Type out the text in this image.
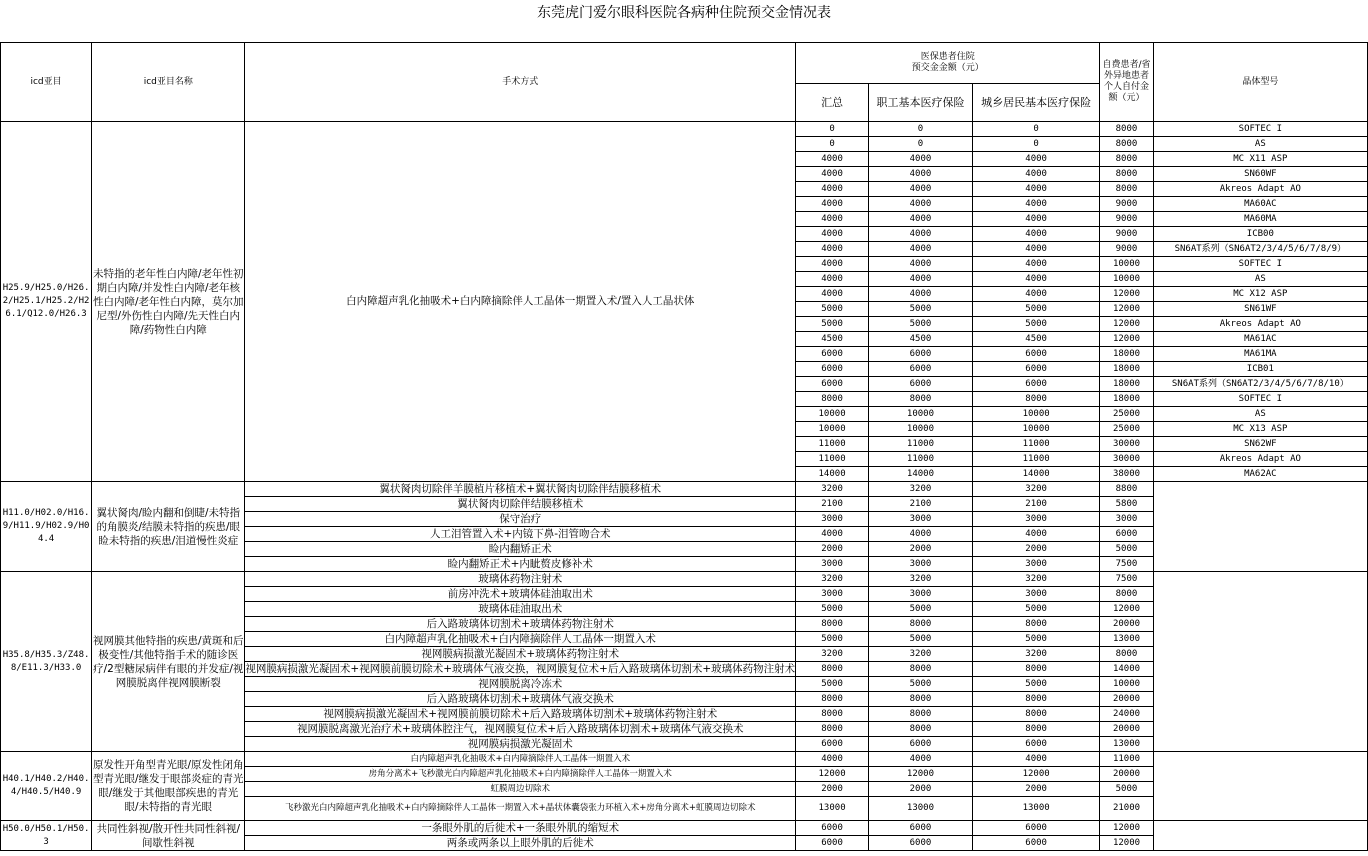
东莞虎门爱尔眼科医院各病种住院预交金情况表
icd亚目	icd亚目名称	手术方式	医保患者住院
预交金金额（元）			自费患者/省外异地患者个人自付金额（元）	晶体型号
			汇总	职工基本医疗保险	城乡居民基本医疗保险		
H25.9/H25.0/H26.2/H25.1/H25.2/H26.1/Q12.0/H26.3	未特指的老年性白内障/老年性初期白内障/并发性白内障/老年核性白内障/老年性白内障，莫尔加尼型/外伤性白内障/先天性白内障/药物性白内障	白内障超声乳化抽吸术+白内障摘除伴人工晶体一期置入术/置入人工晶状体	0	0	0	8000	SOFTEC I
			0	0	0	8000	AS
			4000	4000	4000	8000	MC X11 ASP
			4000	4000	4000	8000	SN60WF
			4000	4000	4000	8000	Akreos Adapt AO
			4000	4000	4000	9000	MA60AC
			4000	4000	4000	9000	MA60MA
			4000	4000	4000	9000	ICB00
			4000	4000	4000	9000	SN6AT系列（SN6AT2/3/4/5/6/7/8/9）
			4000	4000	4000	10000	SOFTEC I
			4000	4000	4000	10000	AS
			4000	4000	4000	12000	MC X12 ASP
			5000	5000	5000	12000	SN61WF
			5000	5000	5000	12000	Akreos Adapt AO
			4500	4500	4500	12000	MA61AC
			6000	6000	6000	18000	MA61MA
			6000	6000	6000	18000	ICB01
			6000	6000	6000	18000	SN6AT系列（SN6AT2/3/4/5/6/7/8/10）
			8000	8000	8000	18000	SOFTEC I
			10000	10000	10000	25000	AS
			10000	10000	10000	25000	MC X13 ASP
			11000	11000	11000	30000	SN62WF
			11000	11000	11000	30000	Akreos Adapt AO
			14000	14000	14000	38000	MA62AC
H11.0/H02.0/H16.9/H11.9/H02.9/H04.4	翼状胬肉/睑内翻和倒睫/未特指的角膜炎/结膜未特指的疾患/眼睑未特指的疾患/泪道慢性炎症	翼状胬肉切除伴羊膜植片移植术+翼状胬肉切除伴结膜移植术	3200	3200	3200	8800	
		翼状胬肉切除伴结膜移植术	2100	2100	2100	5800	
		保守治疗	3000	3000	3000	3000	
		人工泪管置入术+内镜下鼻-泪管吻合术	4000	4000	4000	6000	
		睑内翻矫正术	2000	2000	2000	5000	
		睑内翻矫正术+内眦赘皮修补术	3000	3000	3000	7500	
H35.8/H35.3/Z48.8/E11.3/H33.0	视网膜其他特指的疾患/黄斑和后极变性/其他特指手术的随诊医疗/2型糖尿病伴有眼的并发症/视网膜脱离伴视网膜断裂	玻璃体药物注射术	3200	3200	3200	7500	
		前房冲洗术+玻璃体硅油取出术	3000	3000	3000	8000	
		玻璃体硅油取出术	5000	5000	5000	12000	
		后入路玻璃体切割术+玻璃体药物注射术	8000	8000	8000	20000	
		白内障超声乳化抽吸术+白内障摘除伴人工晶体一期置入术	5000	5000	5000	13000	
		视网膜病损激光凝固术+玻璃体药物注射术	3200	3200	3200	8000	
		视网膜病损激光凝固术+视网膜前膜切除术+玻璃体气液交换，视网膜复位术+后入路玻璃体切割术+玻璃体药物注射术	8000	8000	8000	14000	
		视网膜脱离冷冻术	5000	5000	5000	10000	
		后入路玻璃体切割术+玻璃体气液交换术	8000	8000	8000	20000	
		视网膜病损激光凝固术+视网膜前膜切除术+后入路玻璃体切割术+玻璃体药物注射术	8000	8000	8000	24000	
		视网膜脱离激光治疗术+玻璃体腔注气，视网膜复位术+后入路玻璃体切割术+玻璃体气液交换术	8000	8000	8000	20000	
		视网膜病损激光凝固术	6000	6000	6000	13000	
H40.1/H40.2/H40.4/H40.5/H40.9	原发性开角型青光眼/原发性闭角型青光眼/继发于眼部炎症的青光眼/继发于其他眼部疾患的青光眼/未特指的青光眼	白内障超声乳化抽吸术+白内障摘除伴人工晶体一期置入术	4000	4000	4000	11000	
		房角分离术+飞秒激光白内障超声乳化抽吸术+白内障摘除伴人工晶体一期置入术	12000	12000	12000	20000	
		虹膜周边切除术	2000	2000	2000	5000	
		飞秒激光白内障超声乳化抽吸术+白内障摘除伴人工晶体一期置入术+晶状体囊袋张力环植入术+房角分离术+虹膜周边切除术	13000	13000	13000	21000	
H50.0/H50.1/H50.3	共同性斜视/散开性共同性斜视/间歇性斜视	一条眼外肌的后徙术+一条眼外肌的缩短术	6000	6000	6000	12000	
		两条或两条以上眼外肌的后徙术	6000	6000	6000	12000	
